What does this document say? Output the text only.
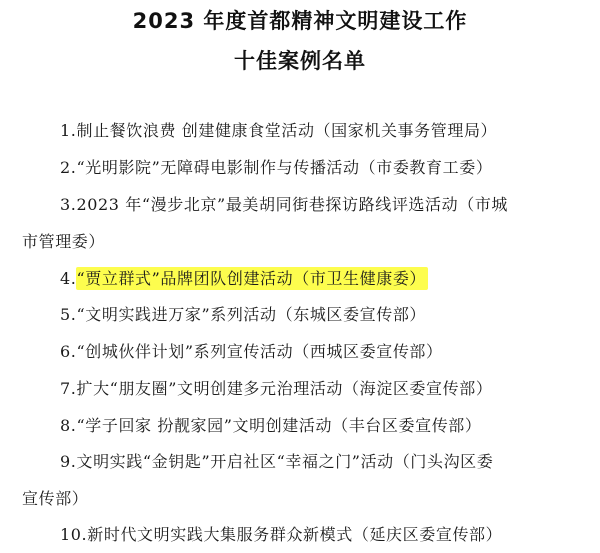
2023 年度首都精神文明建设工作
十佳案例名单
1.制止餐饮浪费 创建健康食堂活动（国家机关事务管理局）
2.“光明影院”无障碍电影制作与传播活动（市委教育工委）
3.2023 年“漫步北京”最美胡同街巷探访路线评选活动（市城
市管理委）
4.“贾立群式”品牌团队创建活动（市卫生健康委）
5.“文明实践进万家”系列活动（东城区委宣传部）
6.“创城伙伴计划”系列宣传活动（西城区委宣传部）
7.扩大“朋友圈”文明创建多元治理活动（海淀区委宣传部）
8.“学子回家 扮靓家园”文明创建活动（丰台区委宣传部）
9.文明实践“金钥匙”开启社区“幸福之门”活动（门头沟区委
宣传部）
10.新时代文明实践大集服务群众新模式（延庆区委宣传部）
